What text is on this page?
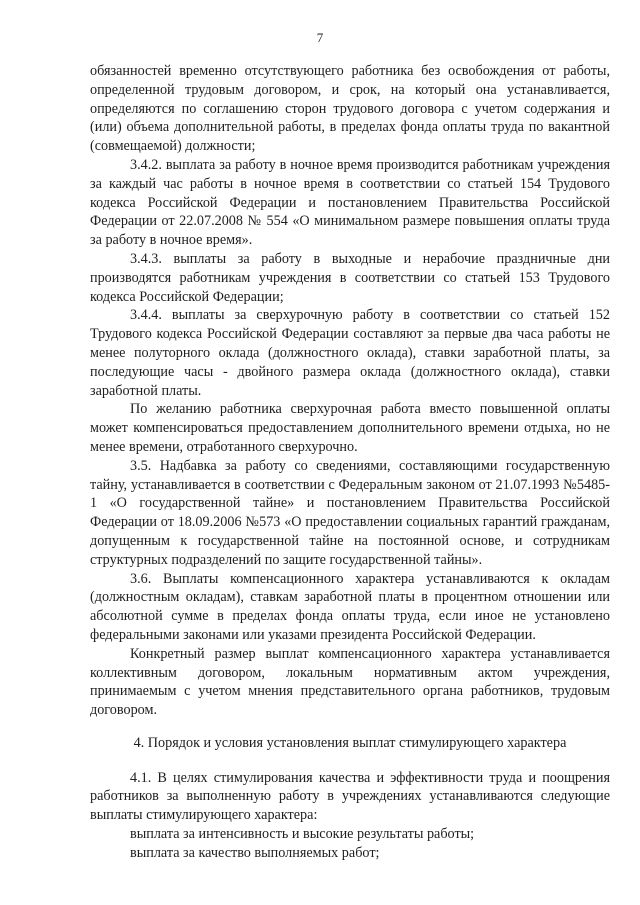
7

обязанностей временно отсутствующего работника без освобождения от работы, определенной трудовым договором, и срок, на который она устанавливается, определяются по соглашению сторон трудового договора с учетом содержания и (или) объема дополнительной работы, в пределах фонда оплаты труда по вакантной (совмещаемой) должности;

3.4.2. выплата за работу в ночное время производится работникам учреждения за каждый час работы в ночное время в соответствии со статьей 154 Трудового кодекса Российской Федерации и постановлением Правительства Российской Федерации от 22.07.2008 № 554 «О минимальном размере повышения оплаты труда за работу в ночное время».

3.4.3. выплаты за работу в выходные и нерабочие праздничные дни производятся работникам учреждения в соответствии со статьей 153 Трудового кодекса Российской Федерации;

3.4.4. выплаты за сверхурочную работу в соответствии со статьей 152 Трудового кодекса Российской Федерации составляют за первые два часа работы не менее полуторного оклада (должностного оклада), ставки заработной платы, за последующие часы - двойного размера оклада (должностного оклада), ставки заработной платы.

По желанию работника сверхурочная работа вместо повышенной оплаты может компенсироваться предоставлением дополнительного времени отдыха, но не менее времени, отработанного сверхурочно.

3.5. Надбавка за работу со сведениями, составляющими государственную тайну, устанавливается в соответствии с Федеральным законом от 21.07.1993 №5485-1 «О государственной тайне» и постановлением Правительства Российской Федерации от 18.09.2006 №573 «О предоставлении социальных гарантий гражданам, допущенным к государственной тайне на постоянной основе, и сотрудникам структурных подразделений по защите государственной тайны».

3.6. Выплаты компенсационного характера устанавливаются к окладам (должностным окладам), ставкам заработной платы в процентном отношении или абсолютной сумме в пределах фонда оплаты труда, если иное не установлено федеральными законами или указами президента Российской Федерации.

Конкретный размер выплат компенсационного характера устанавливается коллективным договором, локальным нормативным актом учреждения, принимаемым с учетом мнения представительного органа работников, трудовым договором.

4. Порядок и условия установления выплат стимулирующего характера

4.1. В целях стимулирования качества и эффективности труда и поощрения работников за выполненную работу в учреждениях устанавливаются следующие выплаты стимулирующего характера:

выплата за интенсивность и высокие результаты работы;

выплата за качество выполняемых работ;
